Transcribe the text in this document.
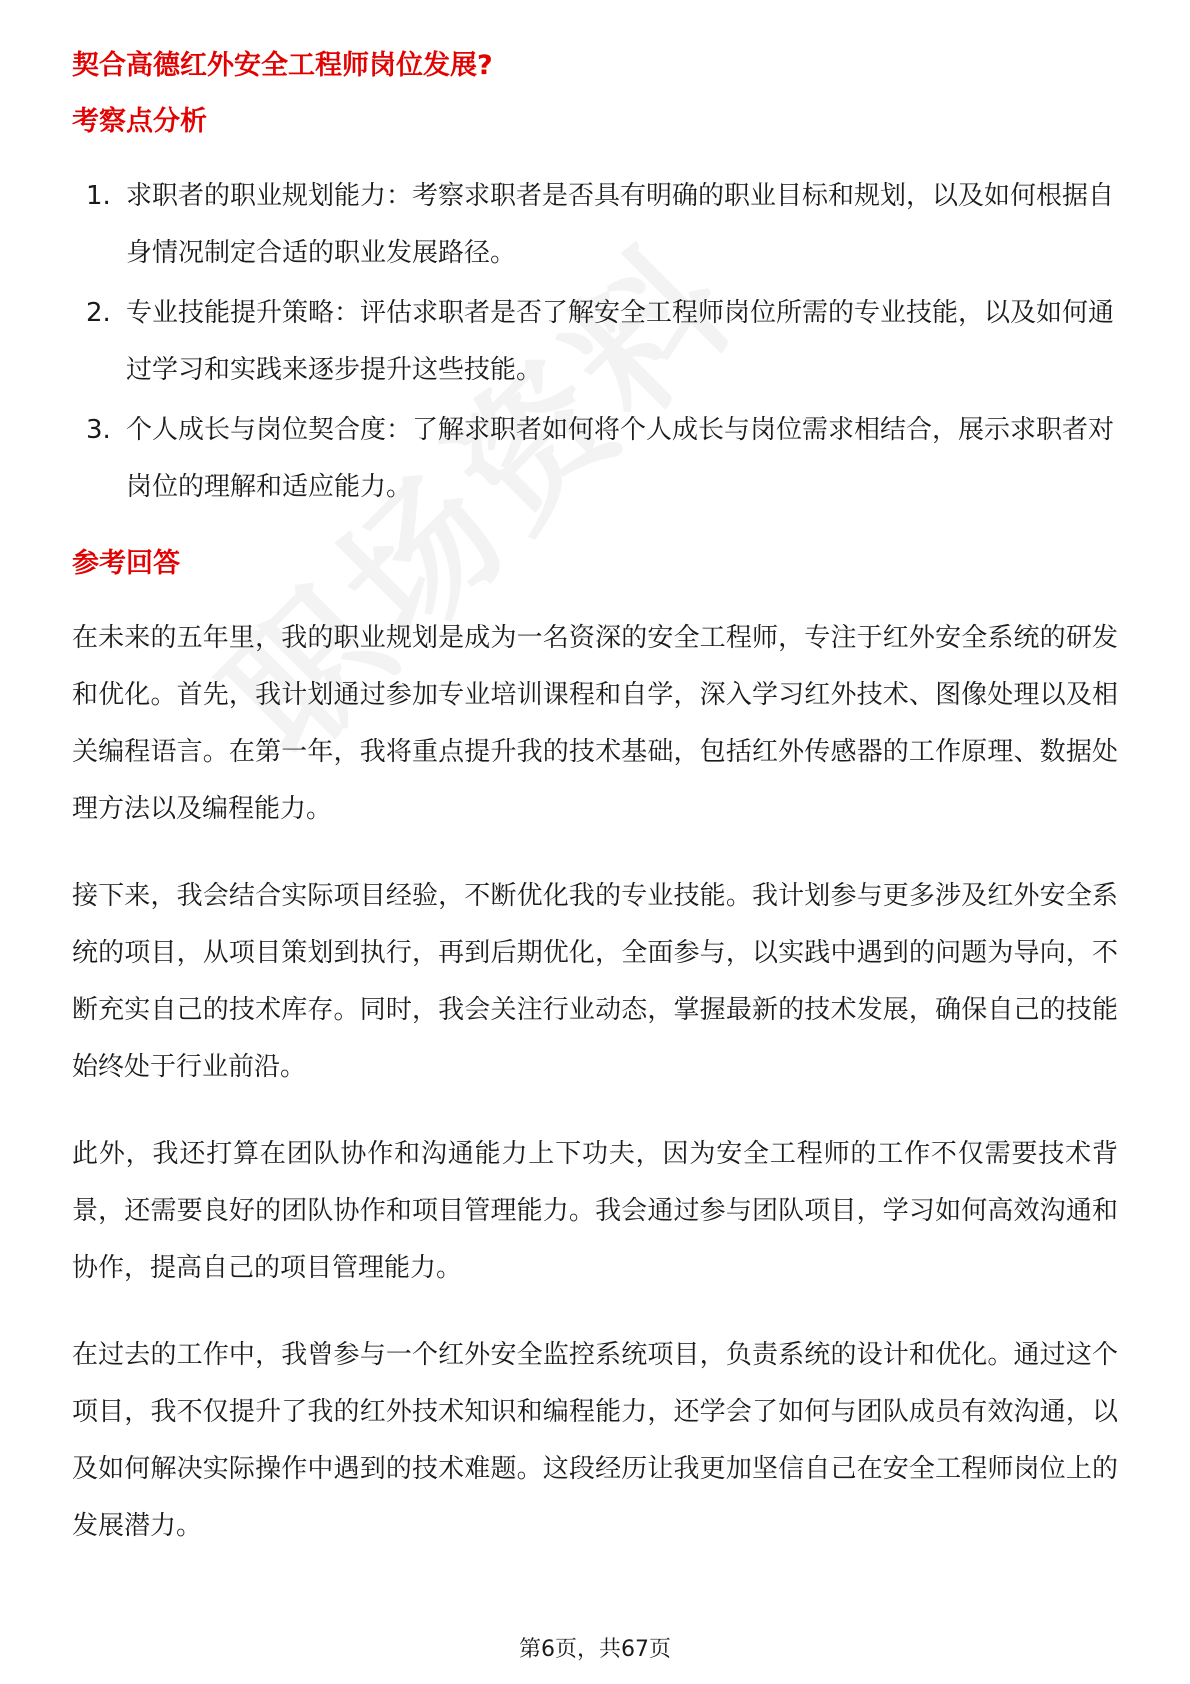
契合高德红外安全工程师岗位发展?
考察点分析
1. 求职者的职业规划能力：考察求职者是否具有明确的职业目标和规划，以及如何根据自身情况制定合适的职业发展路径。
2. 专业技能提升策略：评估求职者是否了解安全工程师岗位所需的专业技能，以及如何通过学习和实践来逐步提升这些技能。
3. 个人成长与岗位契合度：了解求职者如何将个人成长与岗位需求相结合，展示求职者对岗位的理解和适应能力。
参考回答

在未来的五年里，我的职业规划是成为一名资深的安全工程师，专注于红外安全系统的研发和优化。首先，我计划通过参加专业培训课程和自学，深入学习红外技术、图像处理以及相关编程语言。在第一年，我将重点提升我的技术基础，包括红外传感器的工作原理、数据处理方法以及编程能力。

接下来，我会结合实际项目经验，不断优化我的专业技能。我计划参与更多涉及红外安全系统的项目，从项目策划到执行，再到后期优化，全面参与，以实践中遇到的问题为导向，不断充实自己的技术库存。同时，我会关注行业动态，掌握最新的技术发展，确保自己的技能始终处于行业前沿。

此外，我还打算在团队协作和沟通能力上下功夫，因为安全工程师的工作不仅需要技术背景，还需要良好的团队协作和项目管理能力。我会通过参与团队项目，学习如何高效沟通和协作，提高自己的项目管理能力。

在过去的工作中，我曾参与一个红外安全监控系统项目，负责系统的设计和优化。通过这个项目，我不仅提升了我的红外技术知识和编程能力，还学会了如何与团队成员有效沟通，以及如何解决实际操作中遇到的技术难题。这段经历让我更加坚信自己在安全工程师岗位上的发展潜力。

第6页，共67页
